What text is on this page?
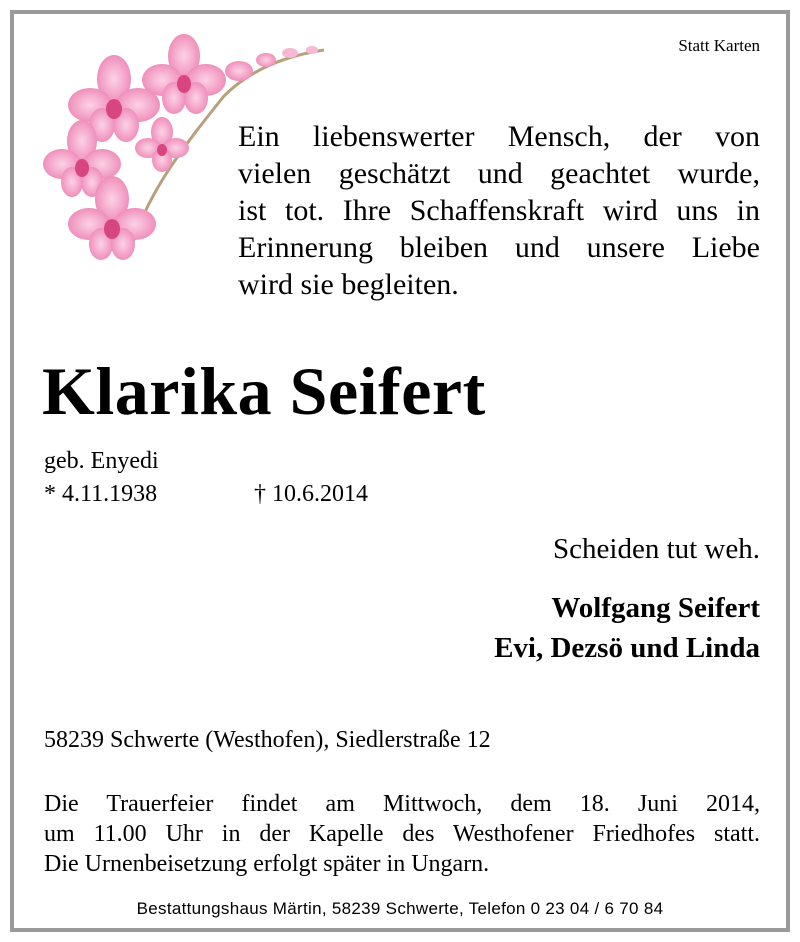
Statt Karten
Ein liebenswerter Mensch, der von
vielen geschätzt und geachtet wurde,
ist tot. Ihre Schaffenskraft wird uns in
Erinnerung bleiben und unsere Liebe
wird sie begleiten.
Klarika Seifert
geb. Enyedi
* 4.11.1938	† 10.6.2014
Scheiden tut weh.
Wolfgang Seifert
Evi, Dezsö und Linda
58239 Schwerte (Westhofen), Siedlerstraße 12
Die Trauerfeier findet am Mittwoch, dem 18. Juni 2014,
um 11.00 Uhr in der Kapelle des Westhofener Friedhofes statt.
Die Urnenbeisetzung erfolgt später in Ungarn.
Bestattungshaus Märtin, 58239 Schwerte, Telefon 0 23 04 / 6 70 84
